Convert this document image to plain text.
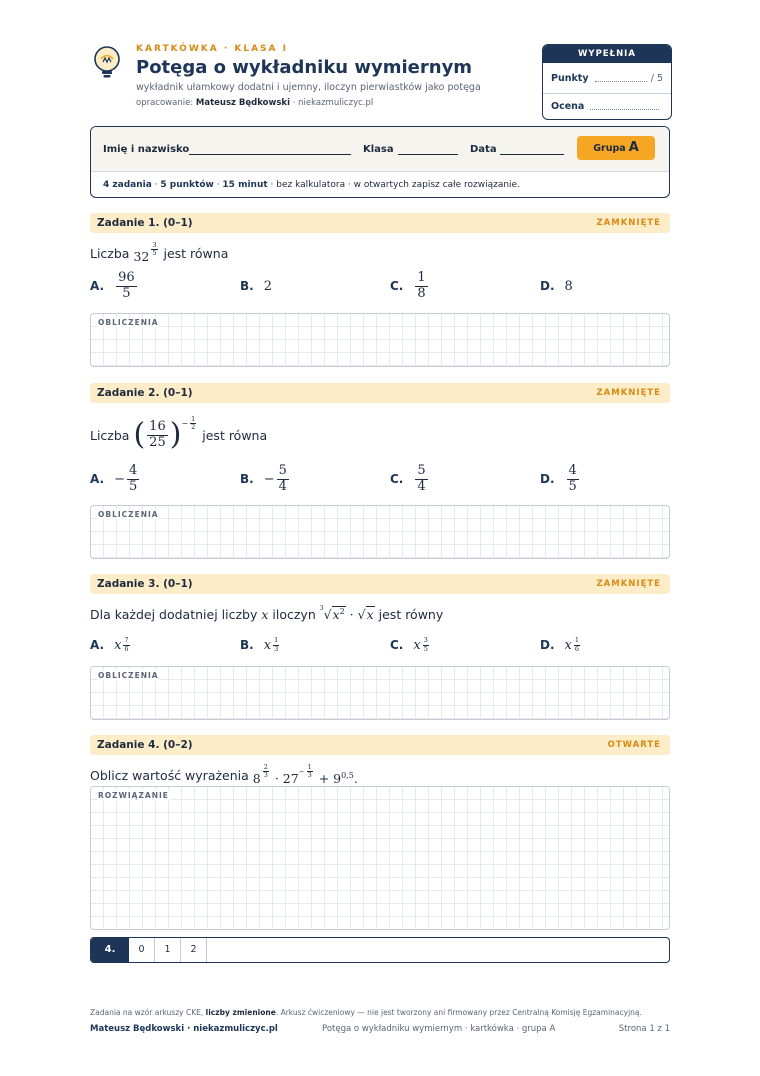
KARTKÓWKA · KLASA I
Potęga o wykładniku wymiernym
wykładnik ułamkowy dodatni i ujemny, iloczyn pierwiastków jako potęga
opracowanie: Mateusz Będkowski · niekazmuliczyc.pl
WYPEŁNIA NAUCZYCIEL
Punkty	/ 5
Ocena
Imię i nazwisko	Klasa	Data	Grupa A
4 zadania · 5 punktów · 15 minut · bez kalkulatora · w otwartych zapisz całe rozwiązanie.
Zadanie 1. (0–1)	ZAMKNIĘTE
Liczba
32 $^{\frac{3}{5}}$
jest równa
A. $\frac{96}{5}$	B. 2	C. $\frac{1}{8}$	D. 8
OBLICZENIA
Zadanie 2. (0–1)	ZAMKNIĘTE
Liczba
( $\frac{16}{25}$ ) − $\frac{1}{2}$

jest równa
A. − $\frac{4}{5}$	B. − $\frac{5}{4}$	C. $\frac{5}{4}$	D. $\frac{4}{5}$
OBLICZENIA
Zadanie 3. (0–1)	ZAMKNIĘTE
Dla każdej dodatniej liczby
x
iloczyn
3 √ $x^2$ · √ x
jest równy
A. x $\frac{7}{6}$	B. x $\frac{1}{3}$	C. x $\frac{3}{5}$	D. x $\frac{1}{6}$
OBLICZENIA
Zadanie 4. (0–2)	OTWARTE
Oblicz wartość wyrażenia
8 $^{\frac{2}{3}} \cdot 27^{- \frac{1}{3}} + 9^{0,5}$.
ROZWIĄZANIE
4.	0	1	2
Zadania na wzór arkuszy CKE, liczby zmienione. Arkusz ćwiczeniowy — nie jest tworzony ani firmowany przez Centralną Komisję Egzaminacyjną.
Mateusz Będkowski · niekazmuliczyc.pl	Potęga o wykładniku wymiernym · kartkówka · grupa A	Strona 1 z 1
